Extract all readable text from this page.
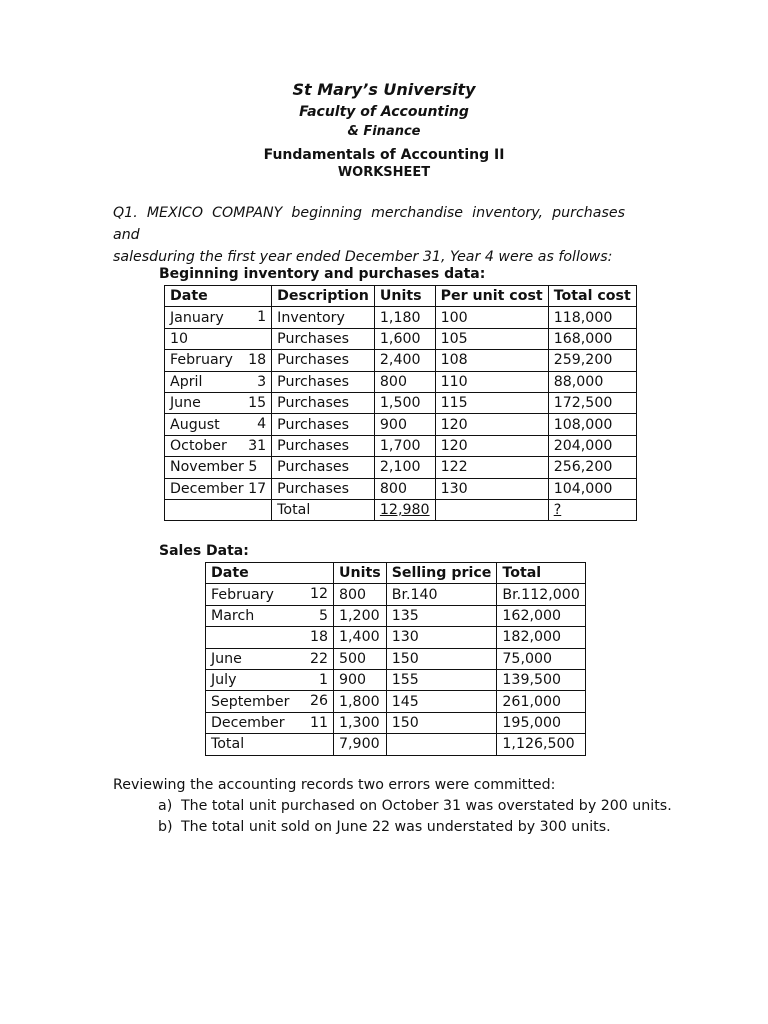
St Mary’s University
Faculty of Accounting
& Finance
Fundamentals of Accounting II
WORKSHEET
Q1. MEXICO COMPANY beginning merchandise inventory, purchases and
salesduring the first year ended December 31, Year 4 were as follows:
Beginning inventory and purchases data:
Date	Description	Units	Per unit cost	Total cost
January 1	Inventory	1,180	100	118,000
10	Purchases	1,600	105	168,000
February 18	Purchases	2,400	108	259,200
April 3	Purchases	800	110	88,000
June 15	Purchases	1,500	115	172,500
August 4	Purchases	900	120	108,000
October 31	Purchases	1,700	120	204,000
November 5	Purchases	2,100	122	256,200
December 17	Purchases	800	130	104,000
	Total	12,980		?
Sales Data:
Date	Units	Selling price	Total
February 12	800	Br.140	Br.112,000
March 5	1,200	135	162,000

18	1,400	130	182,000
June 22	500	150	75,000
July 1	900	155	139,500
September 26	1,800	145	261,000
December 11	1,300	150	195,000
Total	7,900		1,126,500
Reviewing the accounting records two errors were committed:
a) The total unit purchased on October 31 was overstated by 200 units.
b) The total unit sold on June 22 was understated by 300 units.
